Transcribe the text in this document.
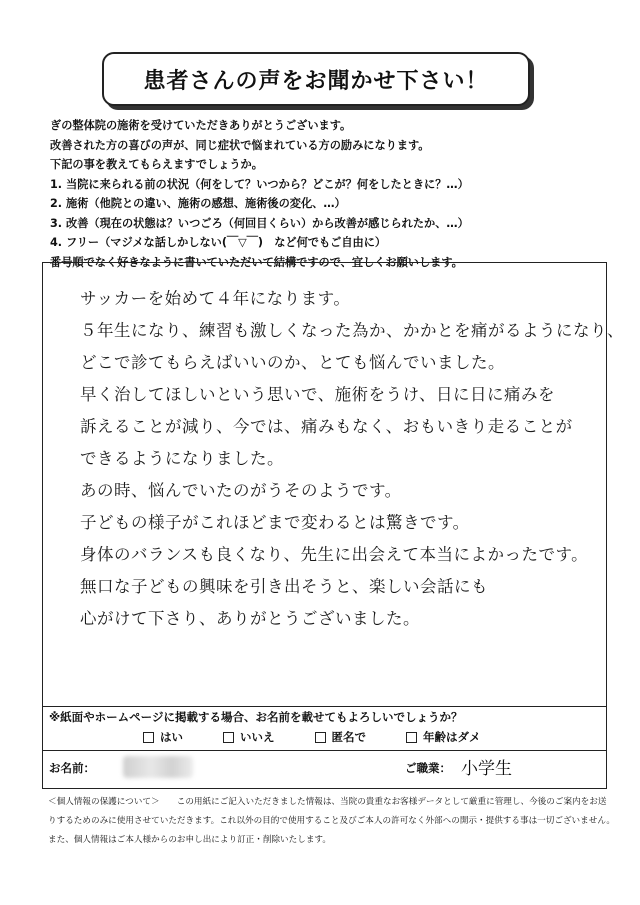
患者さんの声をお聞かせ下さい！
ぎの整体院の施術を受けていただきありがとうございます。
改善された方の喜びの声が、同じ症状で悩まれている方の励みになります。
下記の事を教えてもらえますでしょうか。
1. 当院に来られる前の状況（何をして？いつから？どこが？何をしたときに？…）
2. 施術（他院との違い、施術の感想、施術後の変化、…）
3. 改善（現在の状態は？いつごろ（何回目くらい）から改善が感じられたか、…）
4. フリー（マジメな話しかしない(￣▽￣)　など何でもご自由に）
番号順でなく好きなように書いていただいて結構ですので、宜しくお願いします。
サッカーを始めて４年になります。
５年生になり、練習も激しくなった為か、かかとを痛がるようになり、
どこで診てもらえばいいのか、とても悩んでいました。
早く治してほしいという思いで、施術をうけ、日に日に痛みを
訴えることが減り、今では、痛みもなく、おもいきり走ることが
できるようになりました。
あの時、悩んでいたのがうそのようです。
子どもの様子がこれほどまで変わるとは驚きです。
身体のバランスも良くなり、先生に出会えて本当によかったです。
無口な子どもの興味を引き出そうと、楽しい会話にも
心がけて下さり、ありがとうございました。
※紙面やホームページに掲載する場合、お名前を載せてもよろしいでしょうか？
はい	いいえ	匿名で	年齢はダメ
お名前：	ご職業： 小学生
＜個人情報の保護について＞　　この用紙にご記入いただきました情報は、当院の貴重なお客様データとして厳重に管理し、今後のご案内をお送
りするためのみに使用させていただきます。これ以外の目的で使用すること及びご本人の許可なく外部への開示・提供する事は一切ございません。
また、個人情報はご本人様からのお申し出により訂正・削除いたします。
